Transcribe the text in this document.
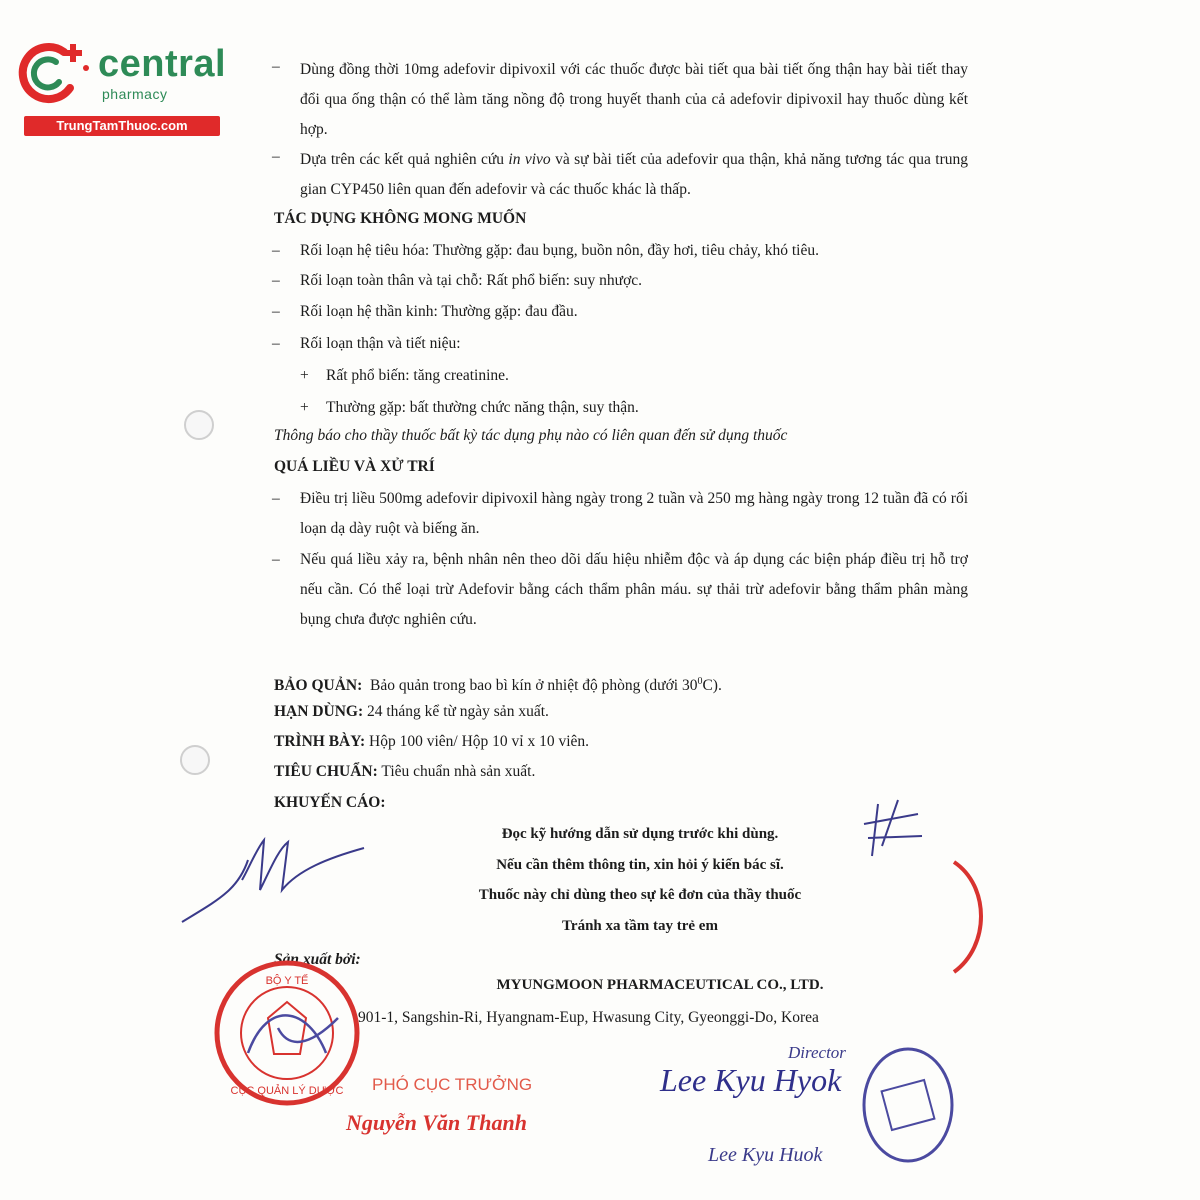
central
pharmacy
TrungTamThuoc.com
– Dùng đồng thời 10mg adefovir dipivoxil với các thuốc được bài tiết qua bài tiết ống thận hay bài tiết thay đổi qua ống thận có thể làm tăng nồng độ trong huyết thanh của cả adefovir dipivoxil hay thuốc dùng kết hợp.
– Dựa trên các kết quả nghiên cứu in vivo và sự bài tiết của adefovir qua thận, khả năng tương tác qua trung gian CYP450 liên quan đến adefovir và các thuốc khác là thấp.
TÁC DỤNG KHÔNG MONG MUỐN
– Rối loạn hệ tiêu hóa: Thường gặp: đau bụng, buồn nôn, đầy hơi, tiêu chảy, khó tiêu.
– Rối loạn toàn thân và tại chỗ: Rất phổ biến: suy nhược.
– Rối loạn hệ thần kinh: Thường gặp: đau đầu.
– Rối loạn thận và tiết niệu:
+ Rất phổ biến: tăng creatinine.
+ Thường gặp: bất thường chức năng thận, suy thận.
Thông báo cho thầy thuốc bất kỳ tác dụng phụ nào có liên quan đến sử dụng thuốc
QUÁ LIỀU VÀ XỬ TRÍ
– Điều trị liều 500mg adefovir dipivoxil hàng ngày trong 2 tuần và 250 mg hàng ngày trong 12 tuần đã có rối loạn dạ dày ruột và biếng ăn.
– Nếu quá liều xảy ra, bệnh nhân nên theo dõi dấu hiệu nhiễm độc và áp dụng các biện pháp điều trị hỗ trợ nếu cần. Có thể loại trừ Adefovir bằng cách thẩm phân máu. sự thải trừ adefovir bằng thẩm phân màng bụng chưa được nghiên cứu.
BẢO QUẢN: Bảo quản trong bao bì kín ở nhiệt độ phòng (dưới $30^0C$).
HẠN DÙNG: 24 tháng kể từ ngày sản xuất.
TRÌNH BÀY: Hộp 100 viên/ Hộp 10 vỉ x 10 viên.
TIÊU CHUẨN: Tiêu chuẩn nhà sản xuất.
KHUYẾN CÁO:
Đọc kỹ hướng dẫn sử dụng trước khi dùng.
Nếu cần thêm thông tin, xin hỏi ý kiến bác sĩ.
Thuốc này chỉ dùng theo sự kê đơn của thầy thuốc
Tránh xa tầm tay trẻ em
Sản xuất bởi:
MYUNGMOON PHARMACEUTICAL CO., LTD.
901-1, Sangshin-Ri, Hyangnam-Eup, Hwasung City, Gyeonggi-Do, Korea
BỘ Y TẾ
CỤC QUẢN LÝ DƯỢC PHÓ CỤC TRƯỞNG
Nguyễn Văn Thanh
Director
Lee Kyu Hyok
Lee Kyu Huok
